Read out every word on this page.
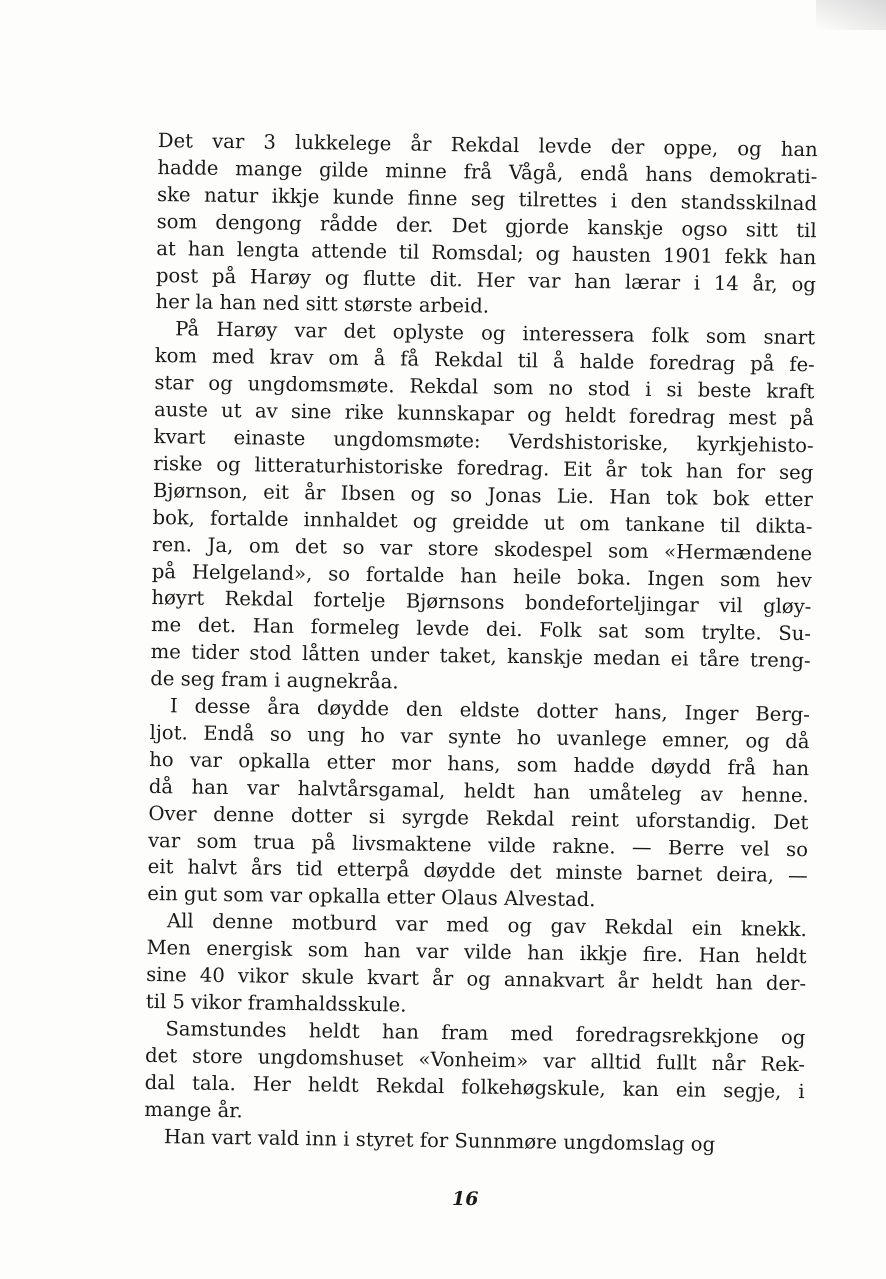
Det var 3 lukkelege år Rekdal levde der oppe, og han
hadde mange gilde minne frå Vågå, endå hans demokrati-
ske natur ikkje kunde finne seg tilrettes i den standsskilnad
som dengong rådde der. Det gjorde kanskje ogso sitt til
at han lengta attende til Romsdal; og hausten 1901 fekk han
post på Harøy og flutte dit. Her var han lærar i 14 år, og
her la han ned sitt største arbeid.
På Harøy var det oplyste og interessera folk som snart
kom med krav om å få Rekdal til å halde foredrag på fe-
star og ungdomsmøte. Rekdal som no stod i si beste kraft
auste ut av sine rike kunnskapar og heldt foredrag mest på
kvart einaste ungdomsmøte: Verdshistoriske, kyrkjehisto-
riske og litteraturhistoriske foredrag. Eit år tok han for seg
Bjørnson, eit år Ibsen og so Jonas Lie. Han tok bok etter
bok, fortalde innhaldet og greidde ut om tankane til dikta-
ren. Ja, om det so var store skodespel som «Hermændene
på Helgeland», so fortalde han heile boka. Ingen som hev
høyrt Rekdal fortelje Bjørnsons bondeforteljingar vil gløy-
me det. Han formeleg levde dei. Folk sat som trylte. Su-
me tider stod låtten under taket, kanskje medan ei tåre treng-
de seg fram i augnekråa.
I desse åra døydde den eldste dotter hans, Inger Berg-
ljot. Endå so ung ho var synte ho uvanlege emner, og då
ho var opkalla etter mor hans, som hadde døydd frå han
då han var halvtårsgamal, heldt han umåteleg av henne.
Over denne dotter si syrgde Rekdal reint uforstandig. Det
var som trua på livsmaktene vilde rakne. — Berre vel so
eit halvt års tid etterpå døydde det minste barnet deira, —
ein gut som var opkalla etter Olaus Alvestad.
All denne motburd var med og gav Rekdal ein knekk.
Men energisk som han var vilde han ikkje fire. Han heldt
sine 40 vikor skule kvart år og annakvart år heldt han der-
til 5 vikor framhaldsskule.
Samstundes heldt han fram med foredragsrekkjone og
det store ungdomshuset «Vonheim» var alltid fullt når Rek-
dal tala. Her heldt Rekdal folkehøgskule, kan ein segje, i
mange år.
Han vart vald inn i styret for Sunnmøre ungdomslag og
16
